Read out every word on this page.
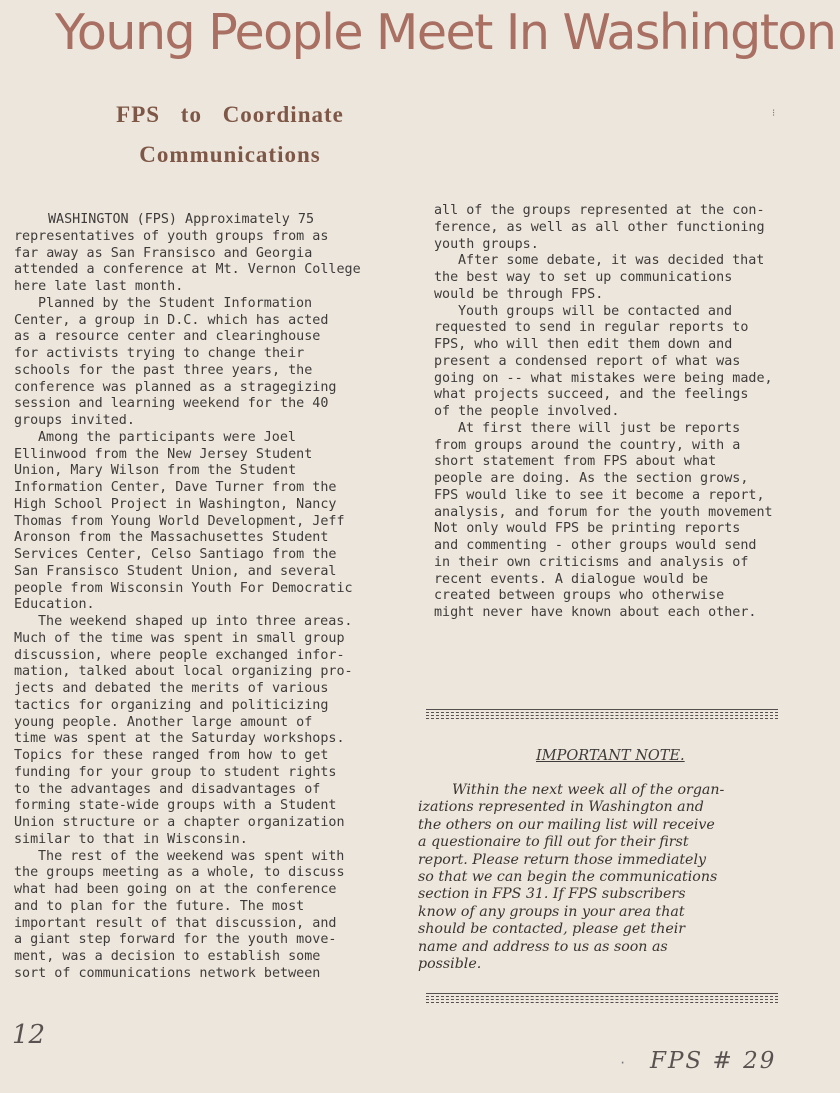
Young People Meet In Washington
⁝
FPS to Coordinate
Communications

WASHINGTON (FPS) Approximately 75

representatives of youth groups from as

far away as San Fransisco and Georgia

attended a conference at Mt. Vernon College

here late last month.

Planned by the Student Information

Center, a group in D.C. which has acted

as a resource center and clearinghouse

for activists trying to change their

schools for the past three years, the

conference was planned as a stragegizing

session and learning weekend for the 40

groups invited.

Among the participants were Joel

Ellinwood from the New Jersey Student

Union, Mary Wilson from the Student

Information Center, Dave Turner from the

High School Project in Washington, Nancy

Thomas from Young World Development, Jeff

Aronson from the Massachusettes Student

Services Center, Celso Santiago from the

San Fransisco Student Union, and several

people from Wisconsin Youth For Democratic

Education.

The weekend shaped up into three areas.

Much of the time was spent in small group

discussion, where people exchanged infor-

mation, talked about local organizing pro-

jects and debated the merits of various

tactics for organizing and politicizing

young people. Another large amount of

time was spent at the Saturday workshops.

Topics for these ranged from how to get

funding for your group to student rights

to the advantages and disadvantages of

forming state-wide groups with a Student

Union structure or a chapter organization

similar to that in Wisconsin.

The rest of the weekend was spent with

the groups meeting as a whole, to discuss

what had been going on at the conference

and to plan for the future. The most

important result of that discussion, and

a giant step forward for the youth move-

ment, was a decision to establish some

sort of communications network between

all of the groups represented at the con-

ference, as well as all other functioning

youth groups.

After some debate, it was decided that

the best way to set up communications

would be through FPS.

Youth groups will be contacted and

requested to send in regular reports to

FPS, who will then edit them down and

present a condensed report of what was

going on -- what mistakes were being made,

what projects succeed, and the feelings

of the people involved.

At first there will just be reports

from groups around the country, with a

short statement from FPS about what

people are doing. As the section grows,

FPS would like to see it become a report,

analysis, and forum for the youth movement

Not only would FPS be printing reports

and commenting - other groups would send

in their own criticisms and analysis of

recent events. A dialogue would be

created between groups who otherwise

might never have known about each other.

IMPORTANT NOTE.

Within the next week all of the organ-

izations represented in Washington and

the others on our mailing list will receive

a questionaire to fill out for their first

report. Please return those immediately

so that we can begin the communications

section in FPS 31. If FPS subscribers

know of any groups in your area that

should be contacted, please get their

name and address to us as soon as

possible.

12
· FPS # 29
